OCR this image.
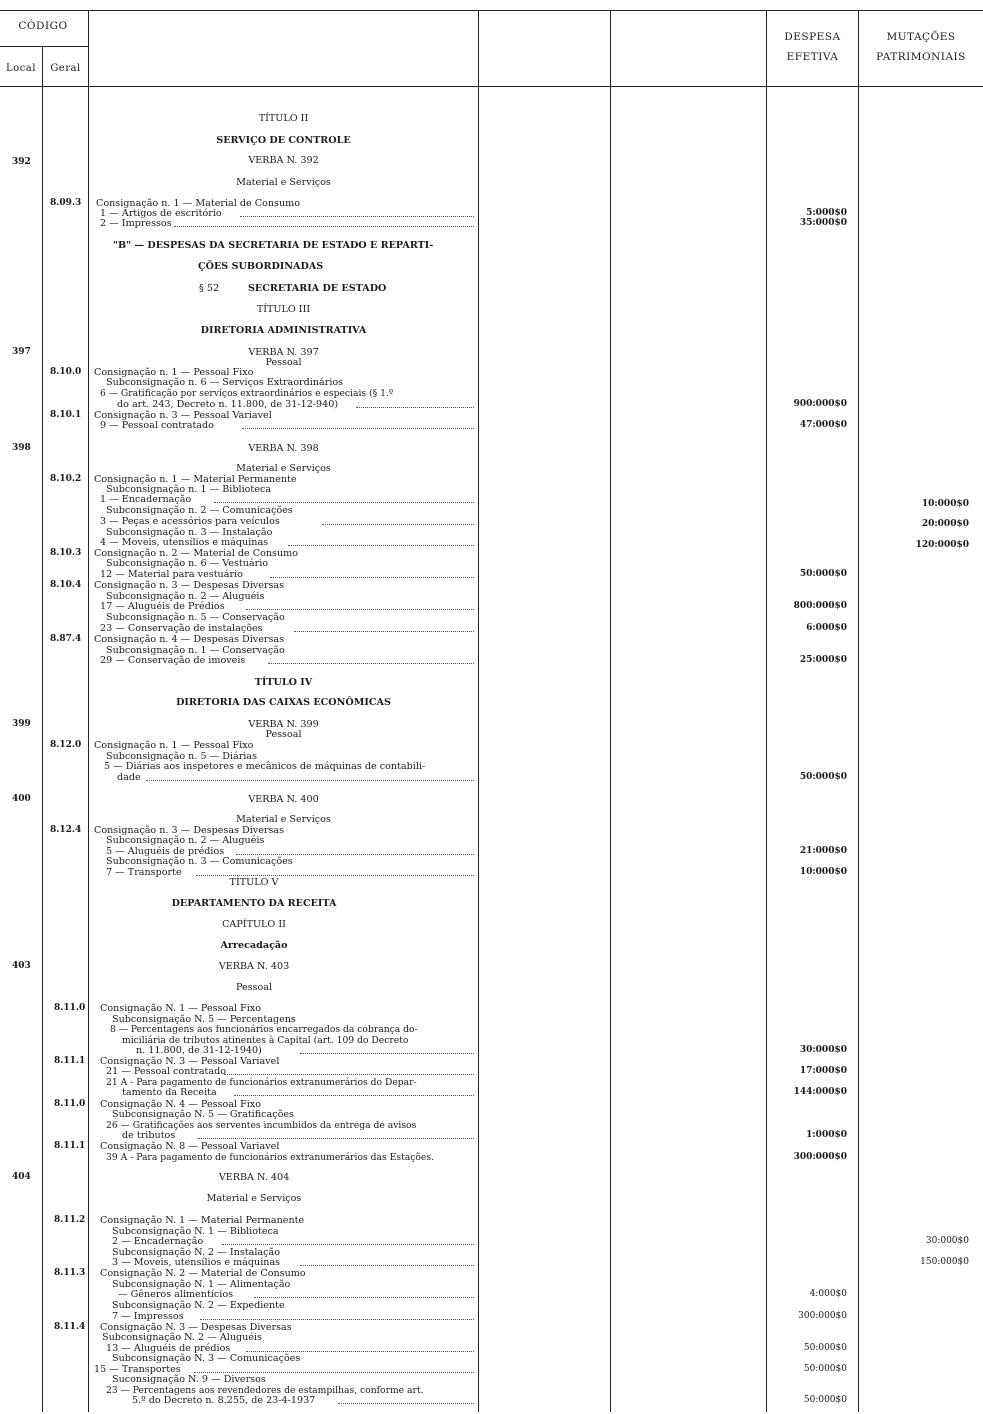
CÓDIGO
Local	Geral
DESPESA
EFETIVA
MUTAÇÕES
PATRIMONIAIS
TÍTULO II
SERVIÇO DE CONTROLE
VERBA N. 392
Material e Serviços
"B" — DESPESAS DA SECRETARIA DE ESTADO E REPARTI-
ÇÕES SUBORDINADAS
§ 52	SECRETARIA DE ESTADO
TÍTULO III
DIRETORIA ADMINISTRATIVA
VERBA N. 397
Pessoal
VERBA N. 398
Material e Serviços
TÍTULO IV
DIRETORIA DAS CAIXAS ECONÔMICAS
VERBA N. 399
Pessoal
VERBA N. 400
Material e Serviços
TÍTULO V
DEPARTAMENTO DA RECEITA
CAPÍTULO II
Arrecadação
VERBA N. 403
Pessoal
VERBA N. 404
Material e Serviços
392
397
398
399
400
403
404
8.09.3
8.10.0
8.10.1
8.10.2
8.10.3
8.10.4
8.87.4
8.12.0
8.12.4
8.11.0
8.11.1
8.11.0
8.11.1
8.11.2
8.11.3
8.11.4
Consignação n. 1 — Material de Consumo
1 — Artigos de escritório
2 — Impressos
Consignação n. 1 — Pessoal Fixo
Subconsignação n. 6 — Serviços Extraordinários
6 — Gratificação por serviços extraordinários e especiais (§ 1.º
do art. 243, Decreto n. 11.800, de 31-12-940)
Consignação n. 3 — Pessoal Variavel
9 — Pessoal contratado
Consignação n. 1 — Material Permanente
Subconsignação n. 1 — Biblioteca
1 — Encadernação
Subconsignação n. 2 — Comunicações
3 — Peças e acessórios para veículos
Subconsignação n. 3 — Instalação
4 — Moveis, utensílios e máquinas
Consignação n. 2 — Material de Consumo
Subconsignação n. 6 — Vestuário
12 — Material para vestuário
Consignação n. 3 — Despesas Diversas
Subconsignação n. 2 — Aluguéis
17 — Aluguéis de Prédios
Subconsignação n. 5 — Conservação
23 — Conservação de instalações
Consignação n. 4 — Despesas Diversas
Subconsignação n. 1 — Conservação
29 — Conservação de imoveis
Consignação n. 1 — Pessoal Fixo
Subconsignação n. 5 — Diárias
5 — Diárias aos inspetores e mecânicos de máquinas de contabili-
dade
Consignação n. 3 — Despesas Diversas
Subconsignação n. 2 — Aluguéis
5 — Aluguéis de prédios
Subconsignação n. 3 — Comunicações
7 — Transporte
Consignação N. 1 — Pessoal Fixo
Subconsignação N. 5 — Percentagens
8 — Percentagens aos funcionários encarregados da cobrança do-
miciliária de tributos atinentes à Capital (art. 109 do Decreto
n. 11.800, de 31-12-1940)
Consignação N. 3 — Pessoal Variavel
21 — Pessoal contratado
21 A - Para pagamento de funcionários extranumerários do Depar-
tamento da Receita
Consignação N. 4 — Pessoal Fixo
Subconsignação N. 5 — Gratificações
26 — Gratificações aos serventes incumbidos da entrega de avisos
de tributos
Consignação N. 8 — Pessoal Variavel
39 A - Para pagamento de funcionários extranumerários das Estações.
Consignação N. 1 — Material Permanente
Subconsignação N. 1 — Biblioteca
2 — Encadernação
Subconsignação N. 2 — Instalação
3 — Moveis, utensílios e máquinas
Consignação N. 2 — Material de Consumo
Subconsignação N. 1 — Alimentação
— Gêneros alimentícios
Subconsignação N. 2 — Expediente
7 — Impressos
Consignação N. 3 — Despesas Diversas
Subconsignação N. 2 — Aluguéis
13 — Aluguéis de prédios
Subconsignação N. 3 — Comunicações
15 — Transportes
Suconsignação N. 9 — Diversos
23 — Percentagens aos revendedores de estampilhas, conforme art.
5.º do Decreto n. 8.255, de 23-4-1937
5:000$0
35:000$0
900:000$0
47:000$0
50:000$0
800:000$0
6:000$0
25:000$0
50:000$0
21:000$0
10:000$0
30:000$0
17:000$0
144:000$0
1:000$0
300:000$0
4:000$0
300:000$0
50:000$0
50:000$0
50:000$0
10:000$0
20:000$0
120:000$0
30:000$0
150:000$0
